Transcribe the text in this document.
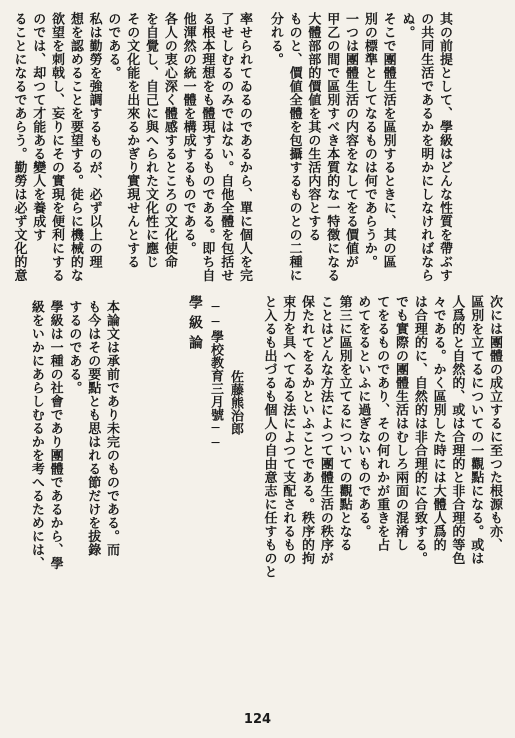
率せられてゐるのであるから、單に個人を完
了せしむるのみではない。自他全體を包括せ
る根本理想をも體現するものである。即ち自
他渾然の統一體を構成するものである。
各人の衷心深く體感するところの文化使命
を自覺し、自己に與へられた文化性に應じ
その文化能を出來るかぎり實現せんとする
のである。
私は勤勞を強調するものが、必ず以上の理
想を認めることを要望する。徒らに機械的な
欲望を刺戟し、妄りにその實現を便利にする
のでは、却つて才能ある變人を養成す
ることになるであらう。勤勞は必ず文化的意
學級論 ──學校教育三月號── 佐藤熊治郎
本論文は承前であり未完のものである。而
も今はその要點とも思はれる節だけを拔錄
するのである。
學級は一種の社會であり團體であるから、學
級をいかにあらしむるかを考へるためには、
其の前提として、學級はどんな性質を帶ぶす
の共同生活であるかを明かにしなければなら
ぬ。
そこで團體生活を區別するときに、其の區
別の標準としてなるものは何であらうか。
一つは團體生活の内容をなしてをる價値が
甲乙の間で區別すべき本質的な一特徴になる
大體部部的價値を其の生活内容とする
ものと、價値全體を包攝するものとの二種に
分れる。
次には團體の成立するに至つた根源も亦、
區別を立てるについての一觀點になる。或は
人爲的と自然的、或は合理的と非合理的等色
々である。かく區別した時には大體人爲的
は合理的に、自然的は非合理的に合致する。
でも實際の團體生活はむしろ兩面の混淆し
てをるものであり、その何れかが重きを占
めてをるといふに過ぎないものである。
第三に區別を立てるについての觀點となる
ことはどんな方法によつて團體生活の秩序が
保たれてをるかといふことである。秩序的拘
束力を具へてゐる法によつて支配されるもの
と入るも出づるも個人の自由意志に任すものと
124
